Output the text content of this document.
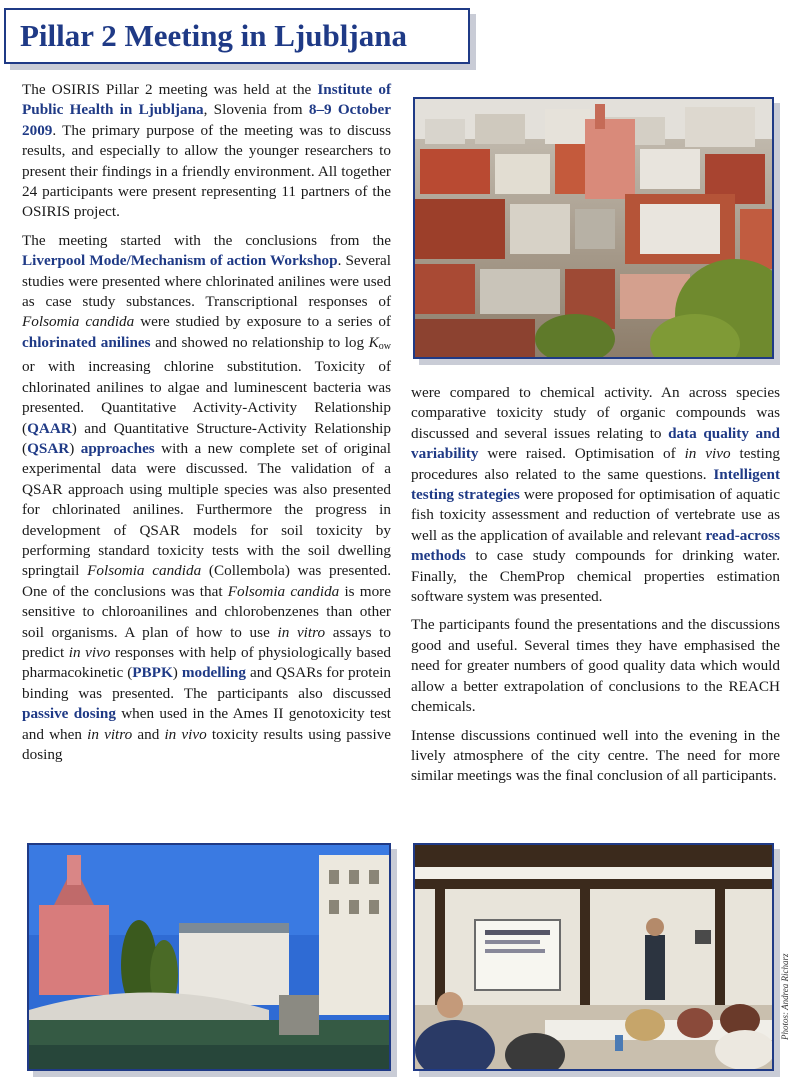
Pillar 2 Meeting in Ljubljana

The OSIRIS Pillar 2 meeting was held at the Institute of Public Health in Ljubljana, Slovenia from 8–9 October 2009. The primary purpose of the meeting was to discuss results, and especially to allow the younger researchers to present their findings in a friendly environment. All together 24 participants were present representing 11 partners of the OSIRIS project.

The meeting started with the conclusions from the Liverpool Mode/Mechanism of action Workshop. Several studies were presented where chlorinated anilines were used as case study substances. Transcriptional responses of Folsomia candida were studied by exposure to a series of chlorinated anilines and showed no relationship to $\log K_{ow}$ or with increasing chlorine substitution. Toxicity of chlorinated anilines to algae and luminescent bacteria was presented. Quantitative Activity-Activity Relationship (QAAR) and Quantitative Structure-Activity Relationship (QSAR) approaches with a new complete set of original experimental data were discussed. The validation of a QSAR approach using multiple species was also presented for chlorinated anilines. Furthermore the progress in development of QSAR models for soil toxicity by performing standard toxicity tests with the soil dwelling springtail Folsomia candida (Collembola) was presented. One of the conclusions was that Folsomia candida is more sensitive to chloroanilines and chlorobenzenes than other soil organisms. A plan of how to use in vitro assays to predict in vivo responses with help of physiologically based pharmacokinetic (PBPK) modelling and QSARs for protein binding was presented. The participants also discussed passive dosing when used in the Ames II genotoxicity test and when in vitro and in vivo toxicity results using passive dosing

were compared to chemical activity. An across species comparative toxicity study of organic compounds was discussed and several issues relating to data quality and variability were raised. Optimisation of in vivo testing procedures also related to the same questions. Intelligent testing strategies were proposed for optimisation of aquatic fish toxicity assessment and reduction of vertebrate use as well as the application of available and relevant read-across methods to case study compounds for drinking water. Finally, the ChemProp chemical properties estimation software system was presented.

The participants found the presentations and the discussions good and useful. Several times they have emphasised the need for greater numbers of good quality data which would allow a better extrapolation of conclusions to the REACH chemicals.

Intense discussions continued well into the evening in the lively atmosphere of the city centre. The need for more similar meetings was the final conclusion of all participants.

Photos: Andrea Richarz
